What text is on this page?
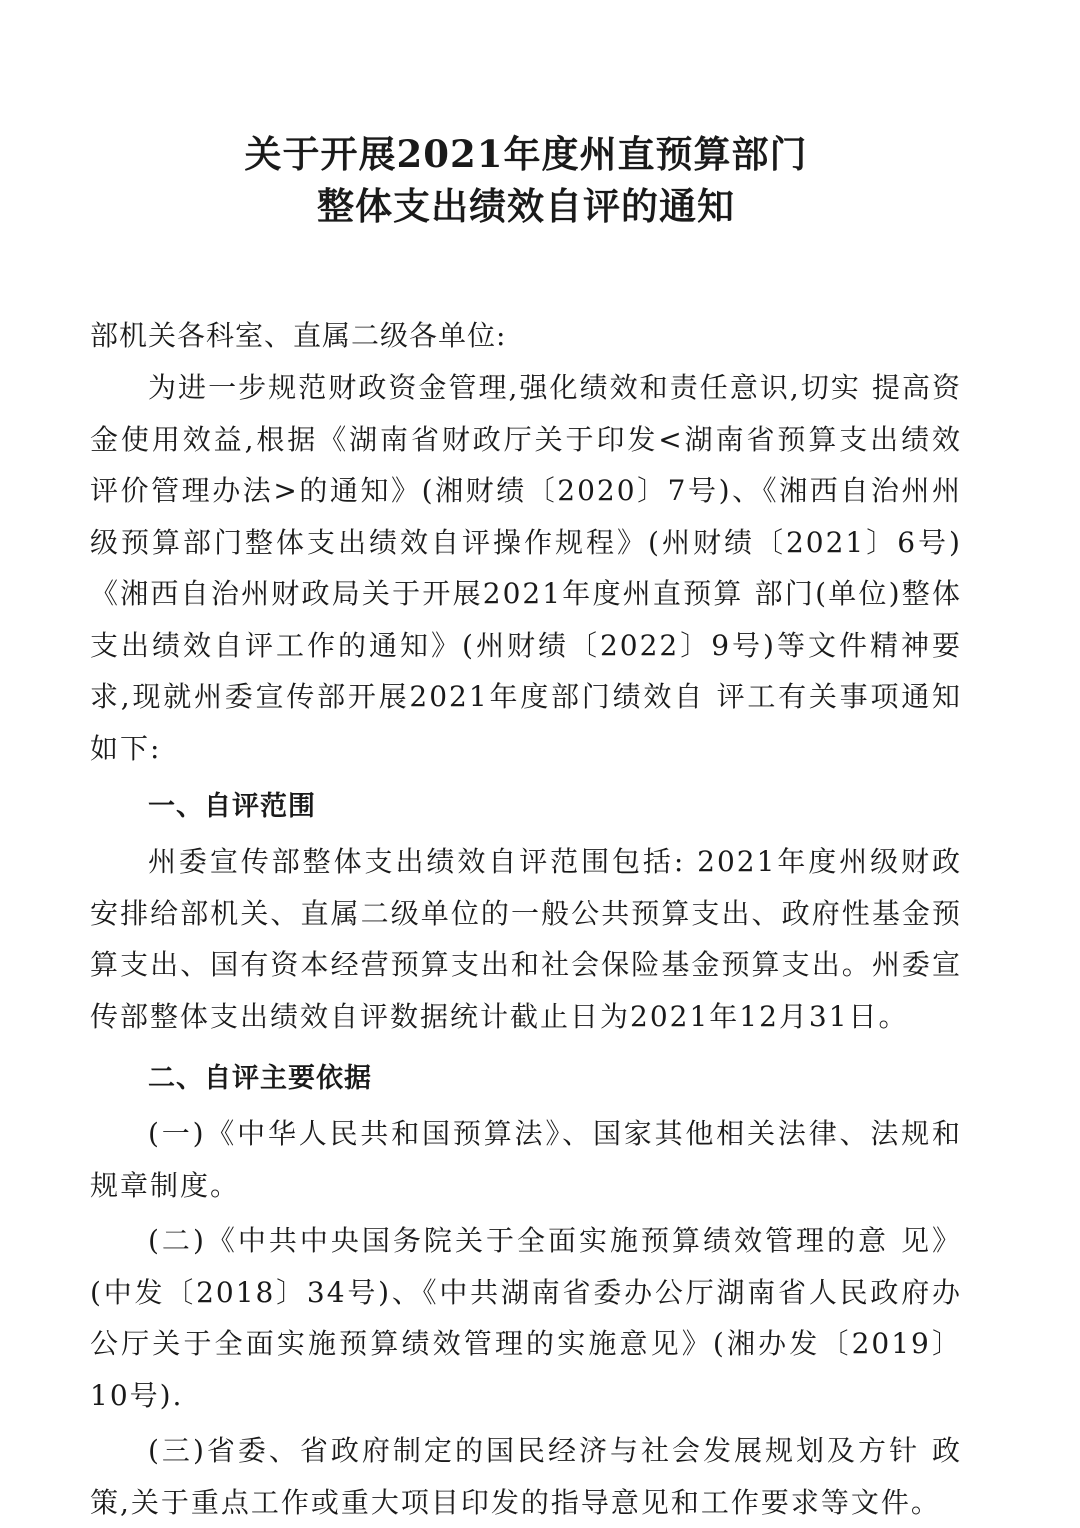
关于开展2021年度州直预算部门
整体支出绩效自评的通知

部机关各科室、直属二级各单位:

为进一步规范财政资金管理,强化绩效和责任意识,切实 提高资金使用效益,根据《湖南省财政厅关于印发<湖南省预算支出绩效评价管理办法>的通知》(湘财绩〔2020〕7号)、《湘西自治州州级预算部门整体支出绩效自评操作规程》(州财绩〔2021〕6号)《湘西自治州财政局关于开展2021年度州直预算 部门(单位)整体支出绩效自评工作的通知》(州财绩〔2022〕9号)等文件精神要求,现就州委宣传部开展2021年度部门绩效自 评工有关事项通知如下:

一、自评范围

州委宣传部整体支出绩效自评范围包括: 2021年度州级财政安排给部机关、直属二级单位的一般公共预算支出、政府性基金预算支出、国有资本经营预算支出和社会保险基金预算支出。州委宣传部整体支出绩效自评数据统计截止日为2021年12月31日。

二、自评主要依据

(一)《中华人民共和国预算法》、国家其他相关法律、法规和规章制度。

(二)《中共中央国务院关于全面实施预算绩效管理的意 见》(中发〔2018〕34号)、《中共湖南省委办公厅湖南省人民政府办公厅关于全面实施预算绩效管理的实施意见》(湘办发〔2019〕10号).

(三)省委、省政府制定的国民经济与社会发展规划及方针 政策,关于重点工作或重大项目印发的指导意见和工作要求等文件。
